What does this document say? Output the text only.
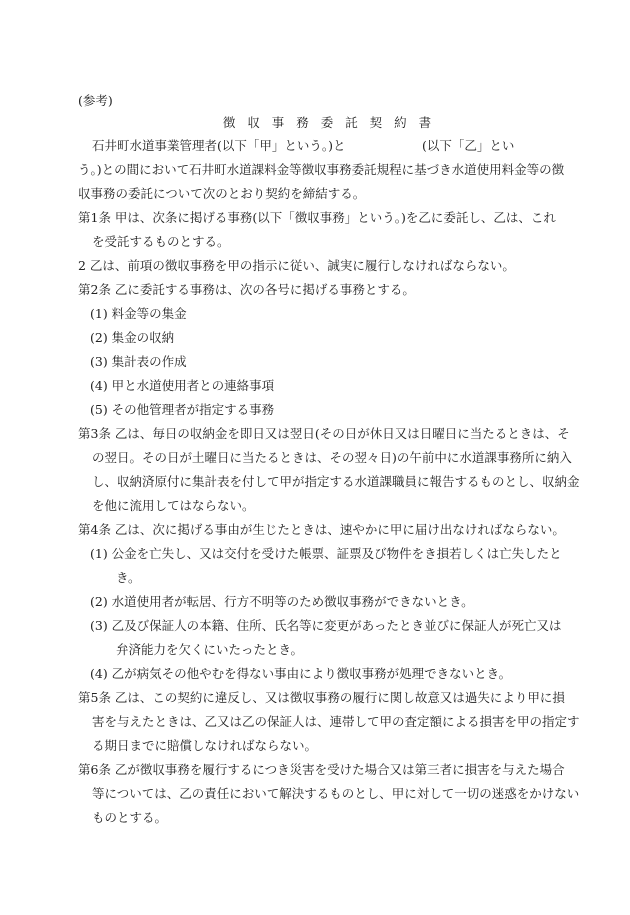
(参考)
徴 収 事 務 委 託 契 約 書
石井町水道事業管理者(以下「甲」という。)と	(以下「乙」とい
う。)との間において石井町水道課料金等徴収事務委託規程に基づき水道使用料金等の徴
収事務の委託について次のとおり契約を締結する。
第1条 甲は、次条に掲げる事務(以下「徴収事務」という。)を乙に委託し、乙は、これ
を受託するものとする。
2 乙は、前項の徴収事務を甲の指示に従い、誠実に履行しなければならない。
第2条 乙に委託する事務は、次の各号に掲げる事務とする。
(1) 料金等の集金
(2) 集金の収納
(3) 集計表の作成
(4) 甲と水道使用者との連絡事項
(5) その他管理者が指定する事務
第3条 乙は、毎日の収納金を即日又は翌日(その日が休日又は日曜日に当たるときは、そ
の翌日。その日が土曜日に当たるときは、その翌々日)の午前中に水道課事務所に納入
し、収納済原付に集計表を付して甲が指定する水道課職員に報告するものとし、収納金
を他に流用してはならない。
第4条 乙は、次に掲げる事由が生じたときは、速やかに甲に届け出なければならない。
(1) 公金を亡失し、又は交付を受けた帳票、証票及び物件をき損若しくは亡失したと
き。
(2) 水道使用者が転居、行方不明等のため徴収事務ができないとき。
(3) 乙及び保証人の本籍、住所、氏名等に変更があったとき並びに保証人が死亡又は
弁済能力を欠くにいたったとき。
(4) 乙が病気その他やむを得ない事由により徴収事務が処理できないとき。
第5条 乙は、この契約に違反し、又は徴収事務の履行に関し故意又は過失により甲に損
害を与えたときは、乙又は乙の保証人は、連帯して甲の査定額による損害を甲の指定す
る期日までに賠償しなければならない。
第6条 乙が徴収事務を履行するにつき災害を受けた場合又は第三者に損害を与えた場合
等については、乙の責任において解決するものとし、甲に対して一切の迷惑をかけない
ものとする。
